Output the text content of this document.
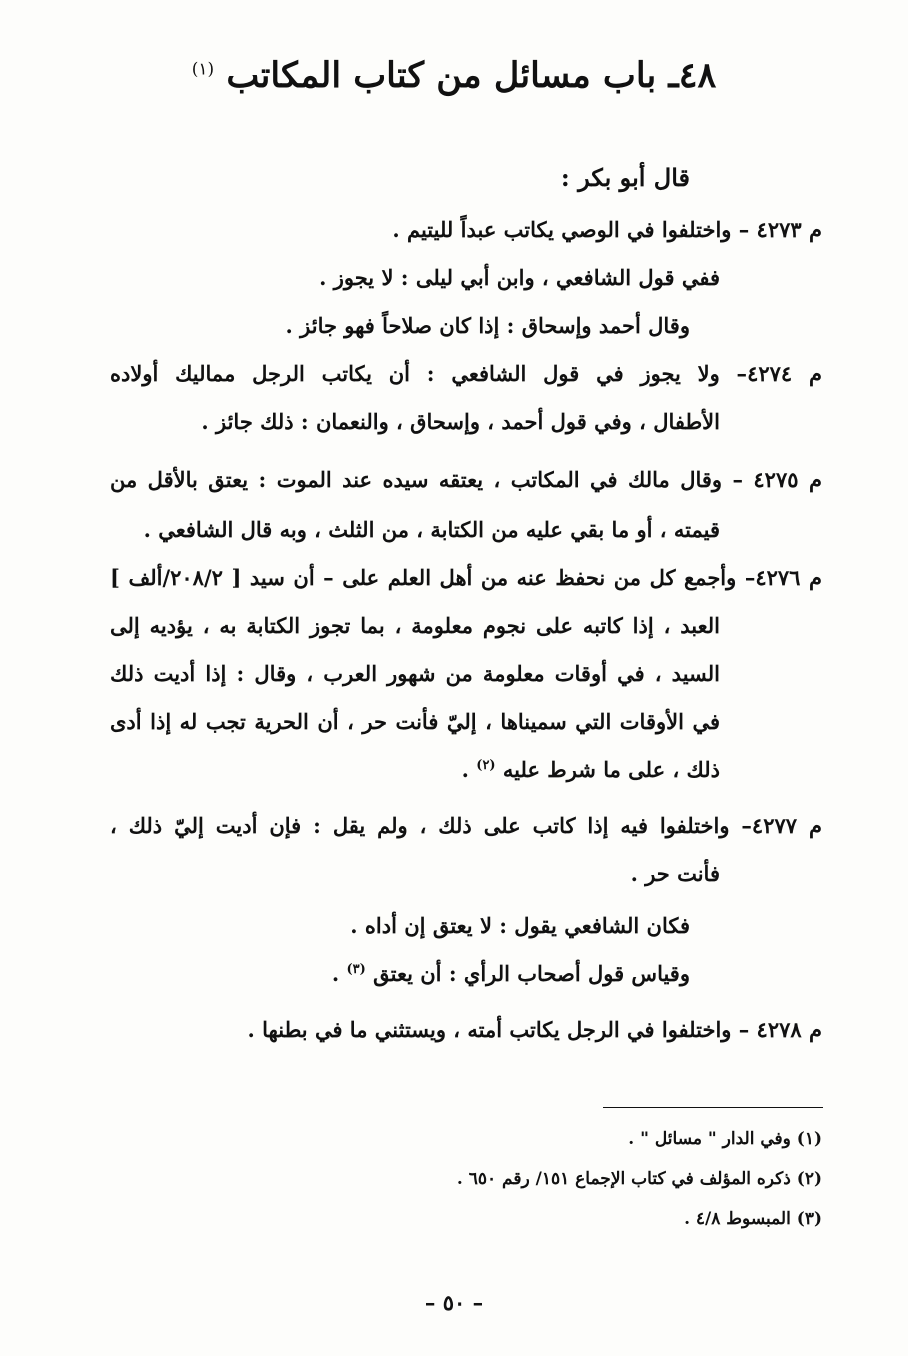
٤٨ـ باب مسائل من كتاب المكاتب $^{(١)}$
قال أبو بكر :
م ٤٢٧٣ – واختلفوا في الوصي يكاتب عبداً لليتيم .
ففي قول الشافعي ، وابن أبي ليلى : لا يجوز .
وقال أحمد وإسحاق : إذا كان صلاحاً فهو جائز .
م ٤٢٧٤– ولا يجوز في قول الشافعي : أن يكاتب الرجل مماليك أولاده
الأطفال ، وفي قول أحمد ، وإسحاق ، والنعمان : ذلك جائز .
م ٤٢٧٥ – وقال مالك في المكاتب ، يعتقه سيده عند الموت : يعتق بالأقل من
قيمته ، أو ما بقي عليه من الكتابة ، من الثلث ، وبه قال الشافعي .
م ٤٢٧٦– وأجمع كل من نحفظ عنه من أهل العلم على – أن سيد [ ٢٠٨/٢/ألف ]
العبد ، إذا كاتبه على نجوم معلومة ، بما تجوز الكتابة به ، يؤديه إلى
السيد ، في أوقات معلومة من شهور العرب ، وقال : إذا أديت ذلك
في الأوقات التي سميناها ، إليّ فأنت حر ، أن الحرية تجب له إذا أدى
ذلك ، على ما شرط عليه $^{(٢)}$ .
م ٤٢٧٧– واختلفوا فيه إذا كاتب على ذلك ، ولم يقل : فإن أديت إليّ ذلك ،
فأنت حر .
فكان الشافعي يقول : لا يعتق إن أداه .
وقياس قول أصحاب الرأي : أن يعتق $^{(٣)}$ .
م ٤٢٧٨ – واختلفوا في الرجل يكاتب أمته ، ويستثني ما في بطنها .
(١) وفي الدار " مسائل " .
(٢) ذكره المؤلف في كتاب الإجماع ١٥١/ رقم ٦٥٠ .
(٣) المبسوط ٤/٨ .
– ٥٠ –
